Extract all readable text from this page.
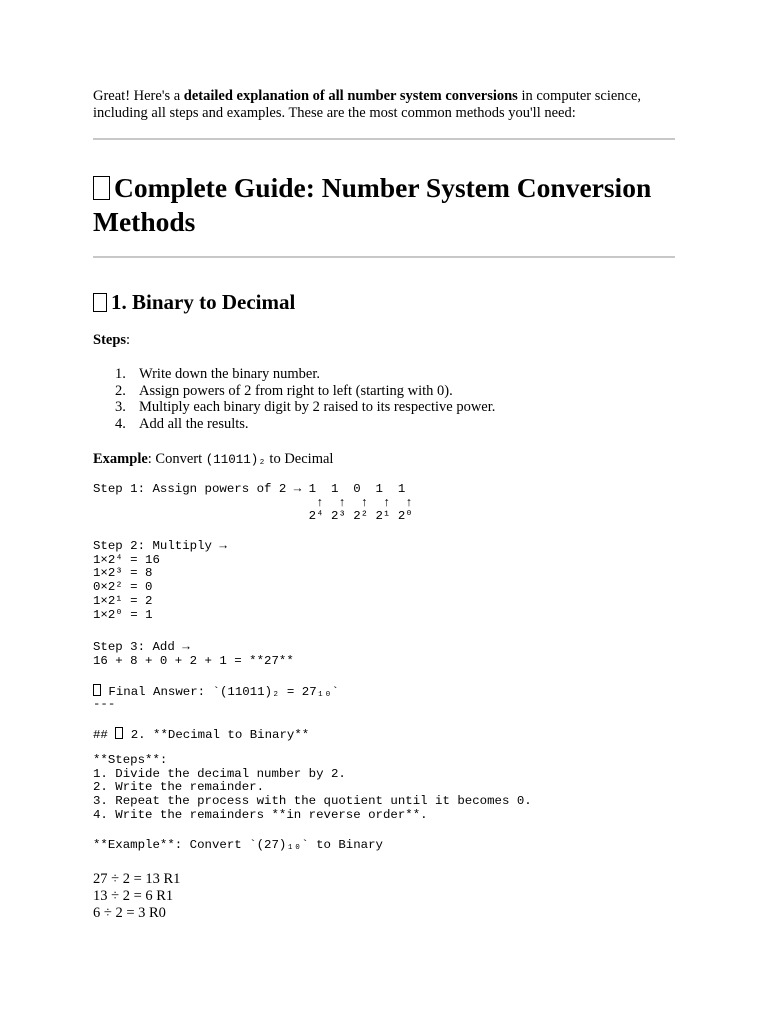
Great! Here's a detailed explanation of all number system conversions in computer science, including all steps and examples. These are the most common methods you'll need:

Complete Guide: Number System Conversion Methods
1. Binary to Decimal

Steps:

1. Write down the binary number.
2. Assign powers of 2 from right to left (starting with 0).
3. Multiply each binary digit by 2 raised to its respective power.
4. Add all the results.

Example: Convert (11011)₂ to Decimal

Step 1: Assign powers of 2 → 1  1  0  1  1
↑  ↑  ↑  ↑  ↑
2⁴ 2³ 2² 2¹ 2⁰
Step 2: Multiply →
1×2⁴ = 16
1×2³ = 8
0×2² = 0
1×2¹ = 2
1×2⁰ = 1
Step 3: Add →
16 + 8 + 0 + 2 + 1 = **27**
Final Answer: `(11011)₂ = 27₁₀`
---
##  2. **Decimal to Binary**
**Steps**:
1. Divide the decimal number by 2.
2. Write the remainder.
3. Repeat the process with the quotient until it becomes 0.
4. Write the remainders **in reverse order**.
**Example**: Convert `(27)₁₀` to Binary
27 ÷ 2 = 13 R1
13 ÷ 2 = 6 R1
6 ÷ 2 = 3 R0
